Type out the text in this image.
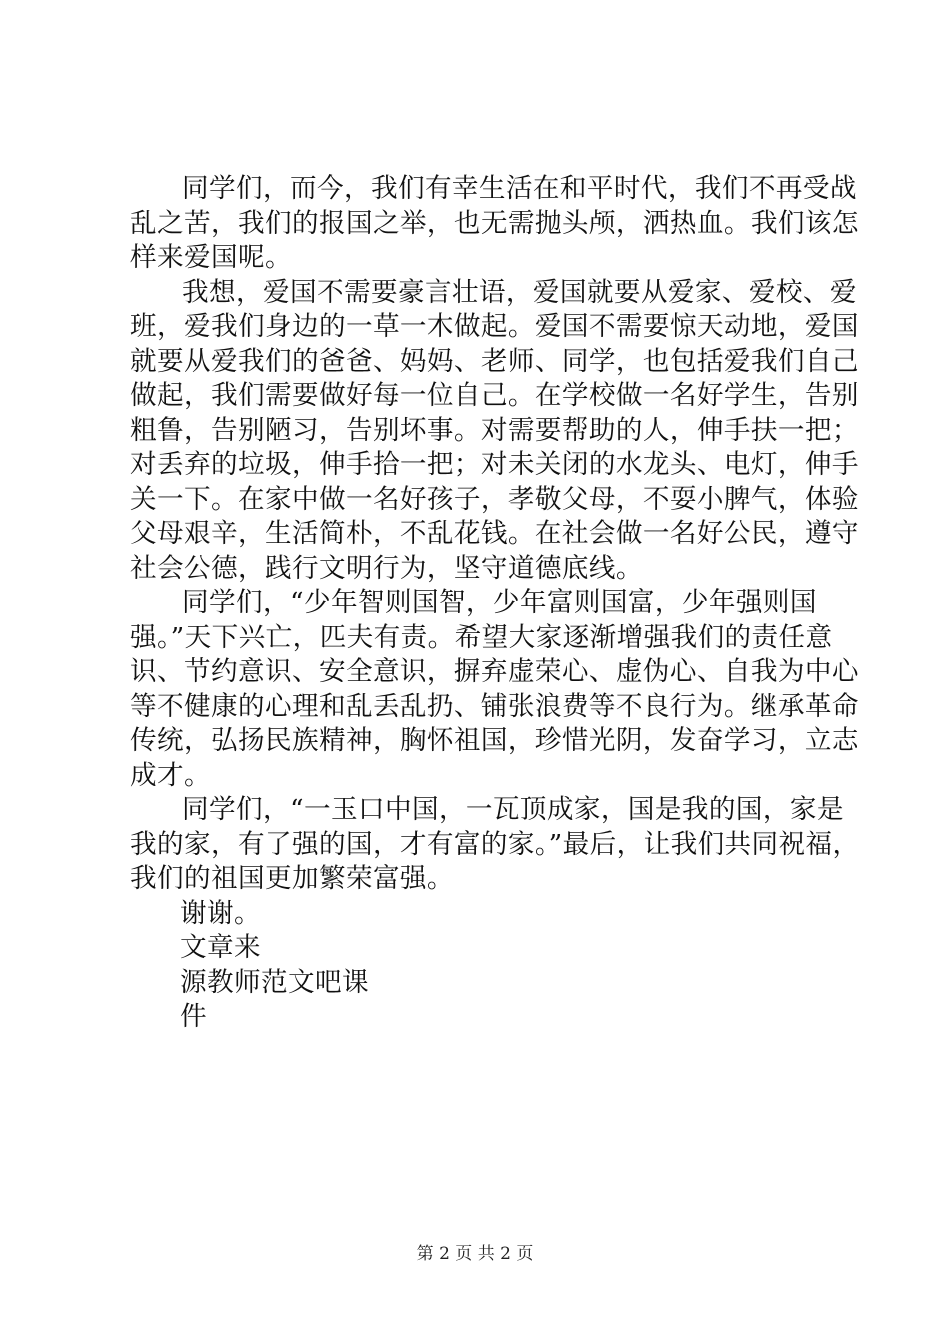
同学们，而今，我们有幸生活在和平时代，我们不再受战
乱之苦，我们的报国之举，也无需抛头颅，洒热血。我们该怎
样来爱国呢。
我想，爱国不需要豪言壮语，爱国就要从爱家、爱校、爱
班，爱我们身边的一草一木做起。爱国不需要惊天动地，爱国
就要从爱我们的爸爸、妈妈、老师、同学，也包括爱我们自己
做起，我们需要做好每一位自己。在学校做一名好学生，告别
粗鲁，告别陋习，告别坏事。对需要帮助的人，伸手扶一把；
对丢弃的垃圾，伸手拾一把；对未关闭的水龙头、电灯，伸手
关一下。在家中做一名好孩子，孝敬父母，不耍小脾气，体验
父母艰辛，生活简朴，不乱花钱。在社会做一名好公民，遵守
社会公德，践行文明行为，坚守道德底线。
同学们，“少年智则国智，少年富则国富，少年强则国
强。”天下兴亡，匹夫有责。希望大家逐渐增强我们的责任意
识、节约意识、安全意识，摒弃虚荣心、虚伪心、自我为中心
等不健康的心理和乱丢乱扔、铺张浪费等不良行为。继承革命
传统，弘扬民族精神，胸怀祖国，珍惜光阴，发奋学习，立志
成才。
同学们，“一玉口中国，一瓦顶成家，国是我的国，家是
我的家，有了强的国，才有富的家。”最后，让我们共同祝福，
我们的祖国更加繁荣富强。
谢谢。
文章来
源教师范文吧课
件
第 2 页 共 2 页
